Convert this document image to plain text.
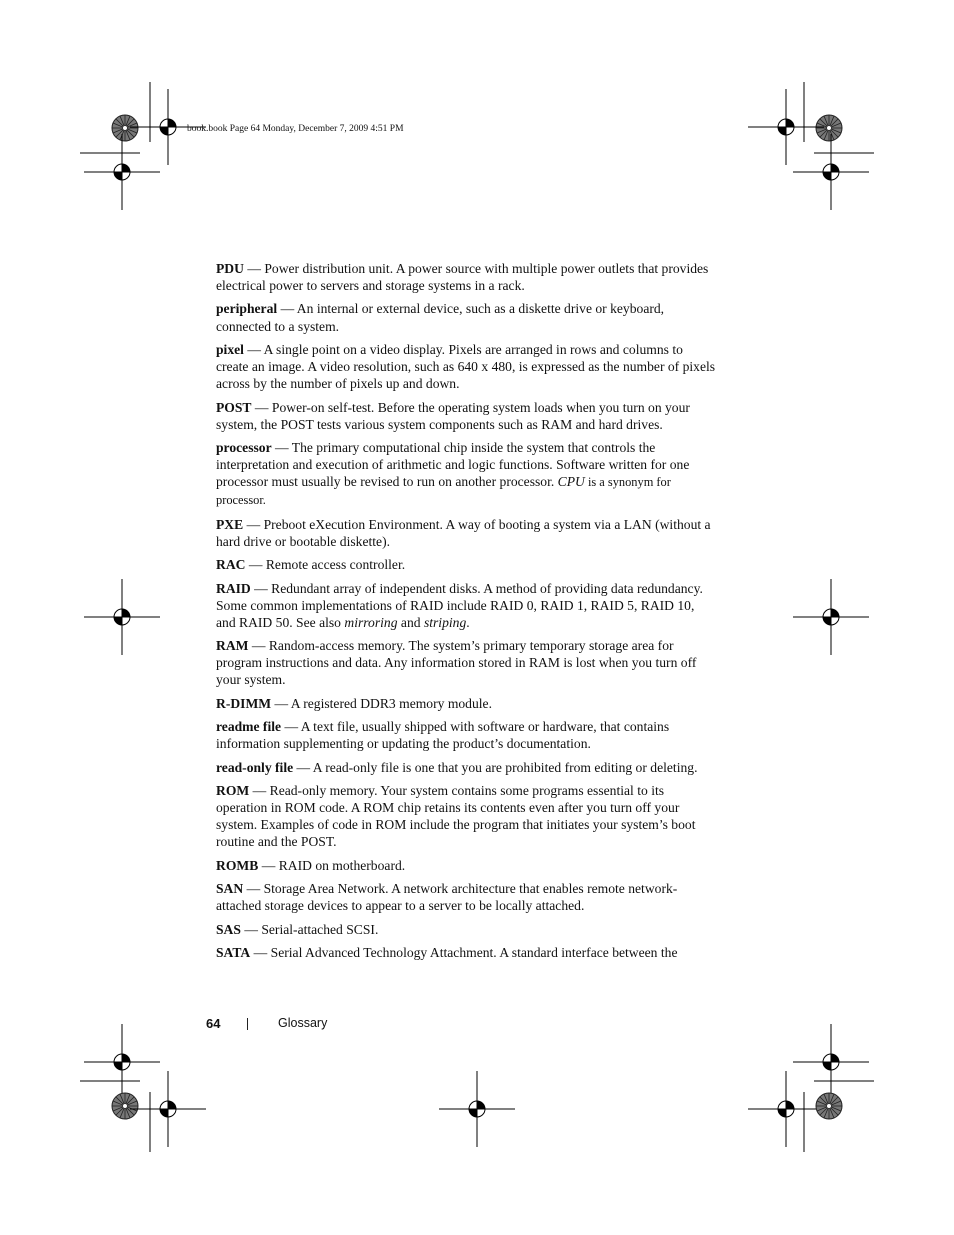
book.book Page 64 Monday, December 7, 2009 4:51 PM

PDU — Power distribution unit. A power source with multiple power outlets that provides electrical power to servers and storage systems in a rack.

peripheral — An internal or external device, such as a diskette drive or keyboard, connected to a system.

pixel — A single point on a video display. Pixels are arranged in rows and columns to create an image. A video resolution, such as 640 x 480, is expressed as the number of pixels across by the number of pixels up and down.

POST — Power-on self-test. Before the operating system loads when you turn on your system, the POST tests various system components such as RAM and hard drives.

processor — The primary computational chip inside the system that controls the interpretation and execution of arithmetic and logic functions. Software written for one processor must usually be revised to run on another processor. CPU is a synonym for processor.

PXE — Preboot eXecution Environment. A way of booting a system via a LAN (without a hard drive or bootable diskette).

RAC — Remote access controller.

RAID — Redundant array of independent disks. A method of providing data redundancy. Some common implementations of RAID include RAID 0, RAID 1, RAID 5, RAID 10, and RAID 50. See also mirroring and striping.

RAM — Random-access memory. The system’s primary temporary storage area for program instructions and data. Any information stored in RAM is lost when you turn off your system.

R-DIMM — A registered DDR3 memory module.

readme file — A text file, usually shipped with software or hardware, that contains information supplementing or updating the product’s documentation.

read-only file — A read-only file is one that you are prohibited from editing or deleting.

ROM — Read-only memory. Your system contains some programs essential to its operation in ROM code. A ROM chip retains its contents even after you turn off your system. Examples of code in ROM include the program that initiates your system’s boot routine and the POST.

ROMB — RAID on motherboard.

SAN — Storage Area Network. A network architecture that enables remote network-attached storage devices to appear to a server to be locally attached.

SAS — Serial-attached SCSI.

SATA — Serial Advanced Technology Attachment. A standard interface between the

64	Glossary
